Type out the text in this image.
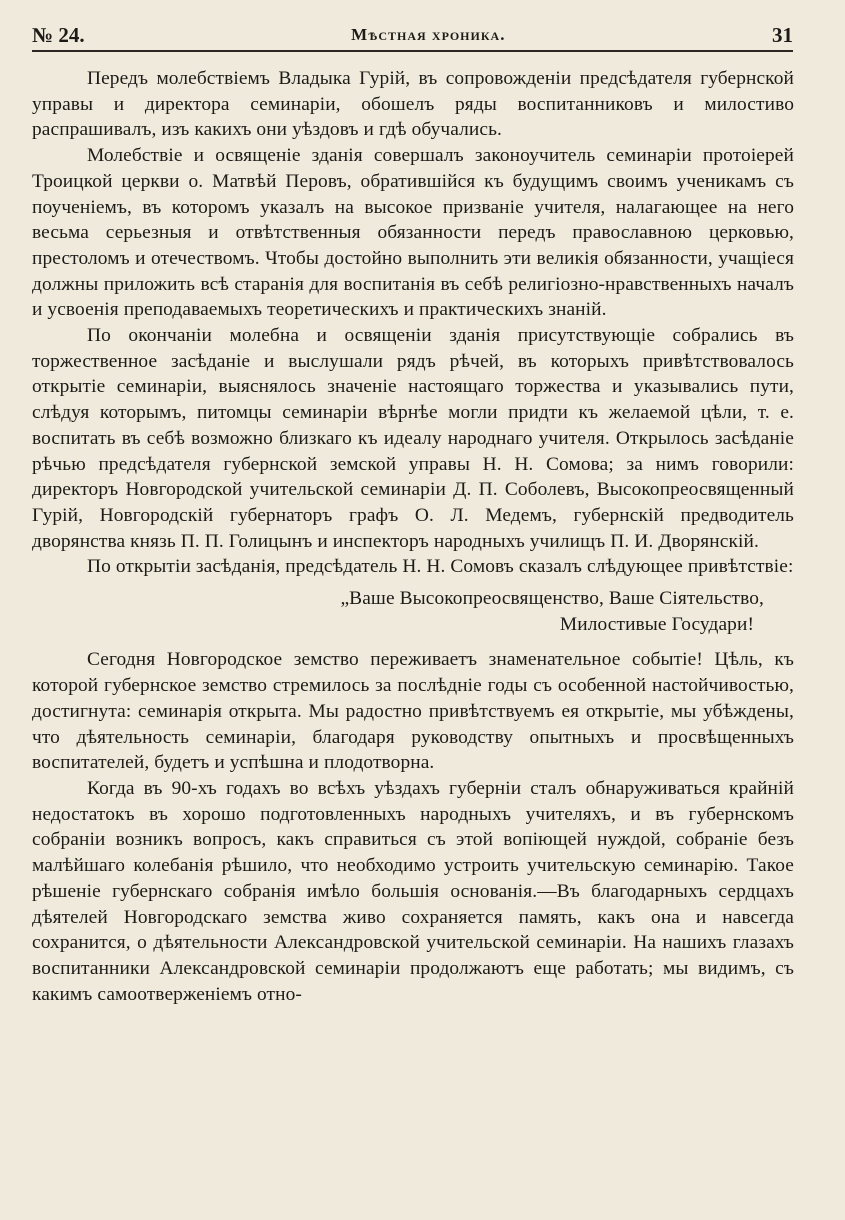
№ 24.	Мѣстная хроника.	31

Передъ молебствіемъ Владыка Гурій, въ сопровожденіи предсѣдателя губернской управы и директора семинаріи, обошелъ ряды воспитанниковъ и милостиво распрашивалъ, изъ какихъ они уѣздовъ и гдѣ обучались.

Молебствіе и освященіе зданія совершалъ законоучитель семинаріи протоіерей Троицкой церкви о. Матвѣй Перовъ, обратившійся къ будущимъ своимъ ученикамъ съ поученіемъ, въ которомъ указалъ на высокое призваніе учителя, налагающее на него весьма серьезныя и отвѣтственныя обязанности передъ православною церковью, престоломъ и отечествомъ. Чтобы достойно выполнить эти великія обязанности, учащіеся должны приложить всѣ старанія для воспитанія въ себѣ религіозно-нравственныхъ началъ и усвоенія преподаваемыхъ теоретическихъ и практическихъ знаній.

По окончаніи молебна и освященіи зданія присутствующіе собрались въ торжественное засѣданіе и выслушали рядъ рѣчей, въ которыхъ привѣтствовалось открытіе семинаріи, выяснялось значеніе настоящаго торжества и указывались пути, слѣдуя которымъ, питомцы семинаріи вѣрнѣе могли придти къ желаемой цѣли, т. е. воспитать въ себѣ возможно близкаго къ идеалу народнаго учителя. Открылось засѣданіе рѣчью предсѣдателя губернской земской управы Н. Н. Сомова; за нимъ говорили: директоръ Новгородской учительской семинаріи Д. П. Соболевъ, Высокопреосвященный Гурій, Новгородскій губернаторъ графъ О. Л. Медемъ, губернскій предводитель дворянства князь П. П. Голицынъ и инспекторъ народныхъ училищъ П. И. Дворянскій.

По открытіи засѣданія, предсѣдатель Н. Н. Сомовъ сказалъ слѣдующее привѣтствіе:

„Ваше Высокопреосвященство, Ваше Сіятельство,
Милостивые Государи!

Сегодня Новгородское земство переживаетъ знаменательное событіе! Цѣль, къ которой губернское земство стремилось за послѣдніе годы съ особенной настойчивостью, достигнута: семинарія открыта. Мы радостно привѣтствуемъ ея открытіе, мы убѣждены, что дѣятельность семинаріи, благодаря руководству опытныхъ и просвѣщенныхъ воспитателей, будетъ и успѣшна и плодотворна.

Когда въ 90-хъ годахъ во всѣхъ уѣздахъ губерніи сталъ обнаруживаться крайній недостатокъ въ хорошо подготовленныхъ народныхъ учителяхъ, и въ губернскомъ собраніи возникъ вопросъ, какъ справиться съ этой вопіющей нуждой, собраніе безъ малѣйшаго колебанія рѣшило, что необходимо устроить учительскую семинарію. Такое рѣшеніе губернскаго собранія имѣло большія основанія.—Въ благодарныхъ сердцахъ дѣятелей Новгородскаго земства живо сохраняется память, какъ она и навсегда сохранится, о дѣятельности Александровской учительской семинаріи. На нашихъ глазахъ воспитанники Александровской семинаріи продолжаютъ еще работать; мы видимъ, съ какимъ самоотверженіемъ отно-
